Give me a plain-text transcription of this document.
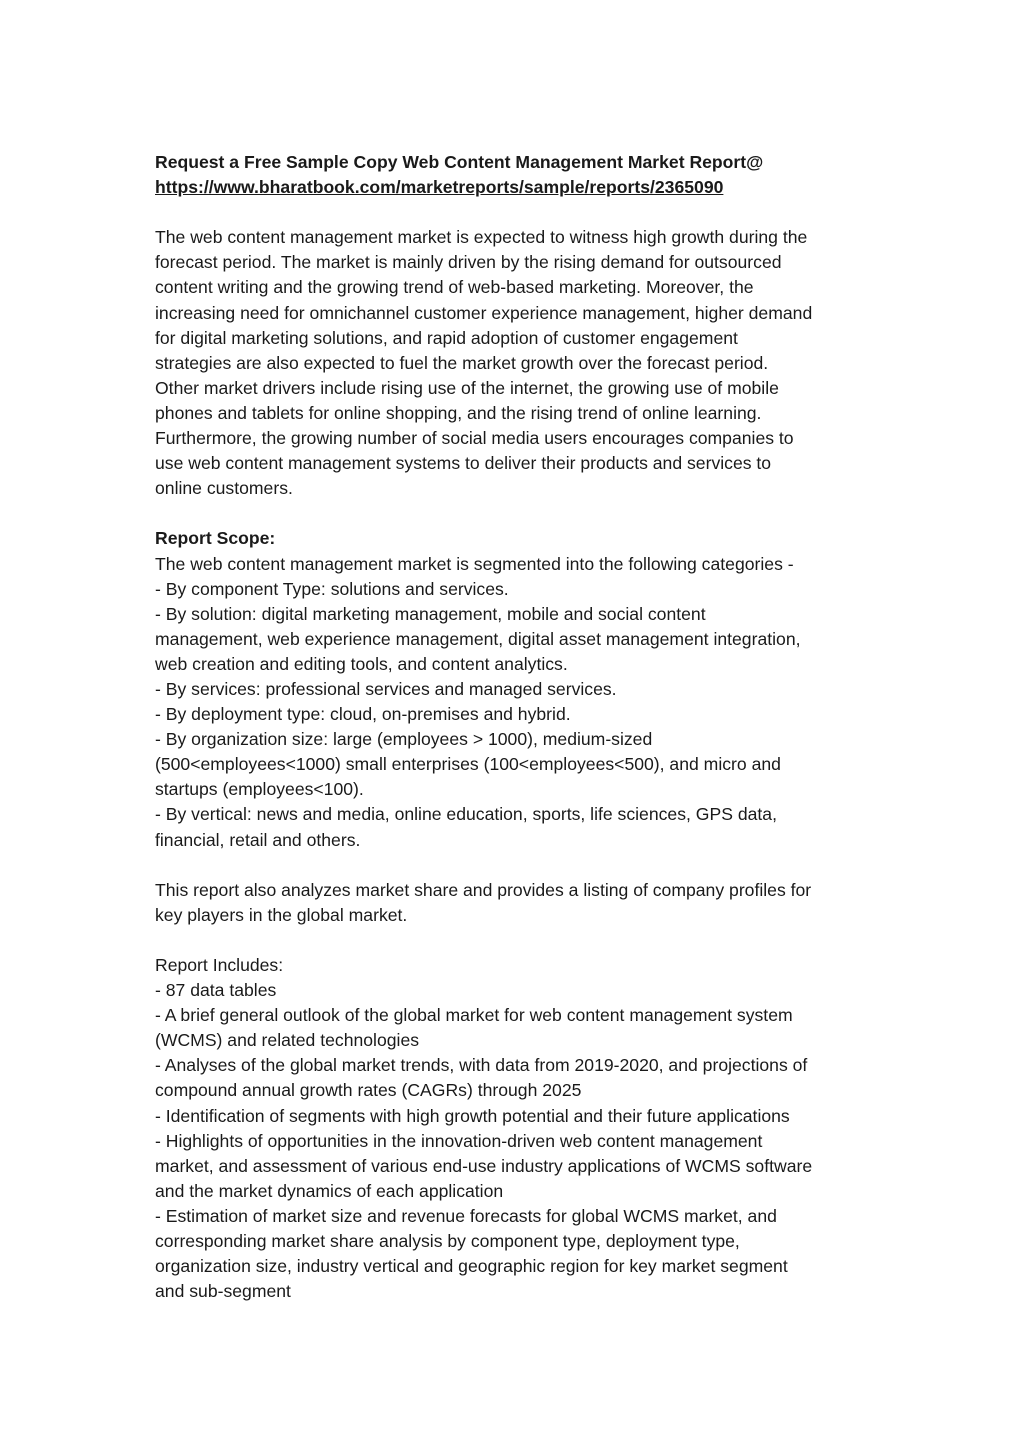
Request a Free Sample Copy Web Content Management Market Report@
https://www.bharatbook.com/marketreports/sample/reports/2365090
The web content management market is expected to witness high growth during the
forecast period. The market is mainly driven by the rising demand for outsourced
content writing and the growing trend of web-based marketing. Moreover, the
increasing need for omnichannel customer experience management, higher demand
for digital marketing solutions, and rapid adoption of customer engagement
strategies are also expected to fuel the market growth over the forecast period.
Other market drivers include rising use of the internet, the growing use of mobile
phones and tablets for online shopping, and the rising trend of online learning.
Furthermore, the growing number of social media users encourages companies to
use web content management systems to deliver their products and services to
online customers.
Report Scope:
The web content management market is segmented into the following categories -
- By component Type: solutions and services.
- By solution: digital marketing management, mobile and social content
management, web experience management, digital asset management integration,
web creation and editing tools, and content analytics.
- By services: professional services and managed services.
- By deployment type: cloud, on-premises and hybrid.
- By organization size: large (employees > 1000), medium-sized
(500<employees<1000) small enterprises (100<employees<500), and micro and
startups (employees<100).
- By vertical: news and media, online education, sports, life sciences, GPS data,
financial, retail and others.
This report also analyzes market share and provides a listing of company profiles for
key players in the global market.
Report Includes:
- 87 data tables
- A brief general outlook of the global market for web content management system
(WCMS) and related technologies
- Analyses of the global market trends, with data from 2019-2020, and projections of
compound annual growth rates (CAGRs) through 2025
- Identification of segments with high growth potential and their future applications
- Highlights of opportunities in the innovation-driven web content management
market, and assessment of various end-use industry applications of WCMS software
and the market dynamics of each application
- Estimation of market size and revenue forecasts for global WCMS market, and
corresponding market share analysis by component type, deployment type,
organization size, industry vertical and geographic region for key market segment
and sub-segment
